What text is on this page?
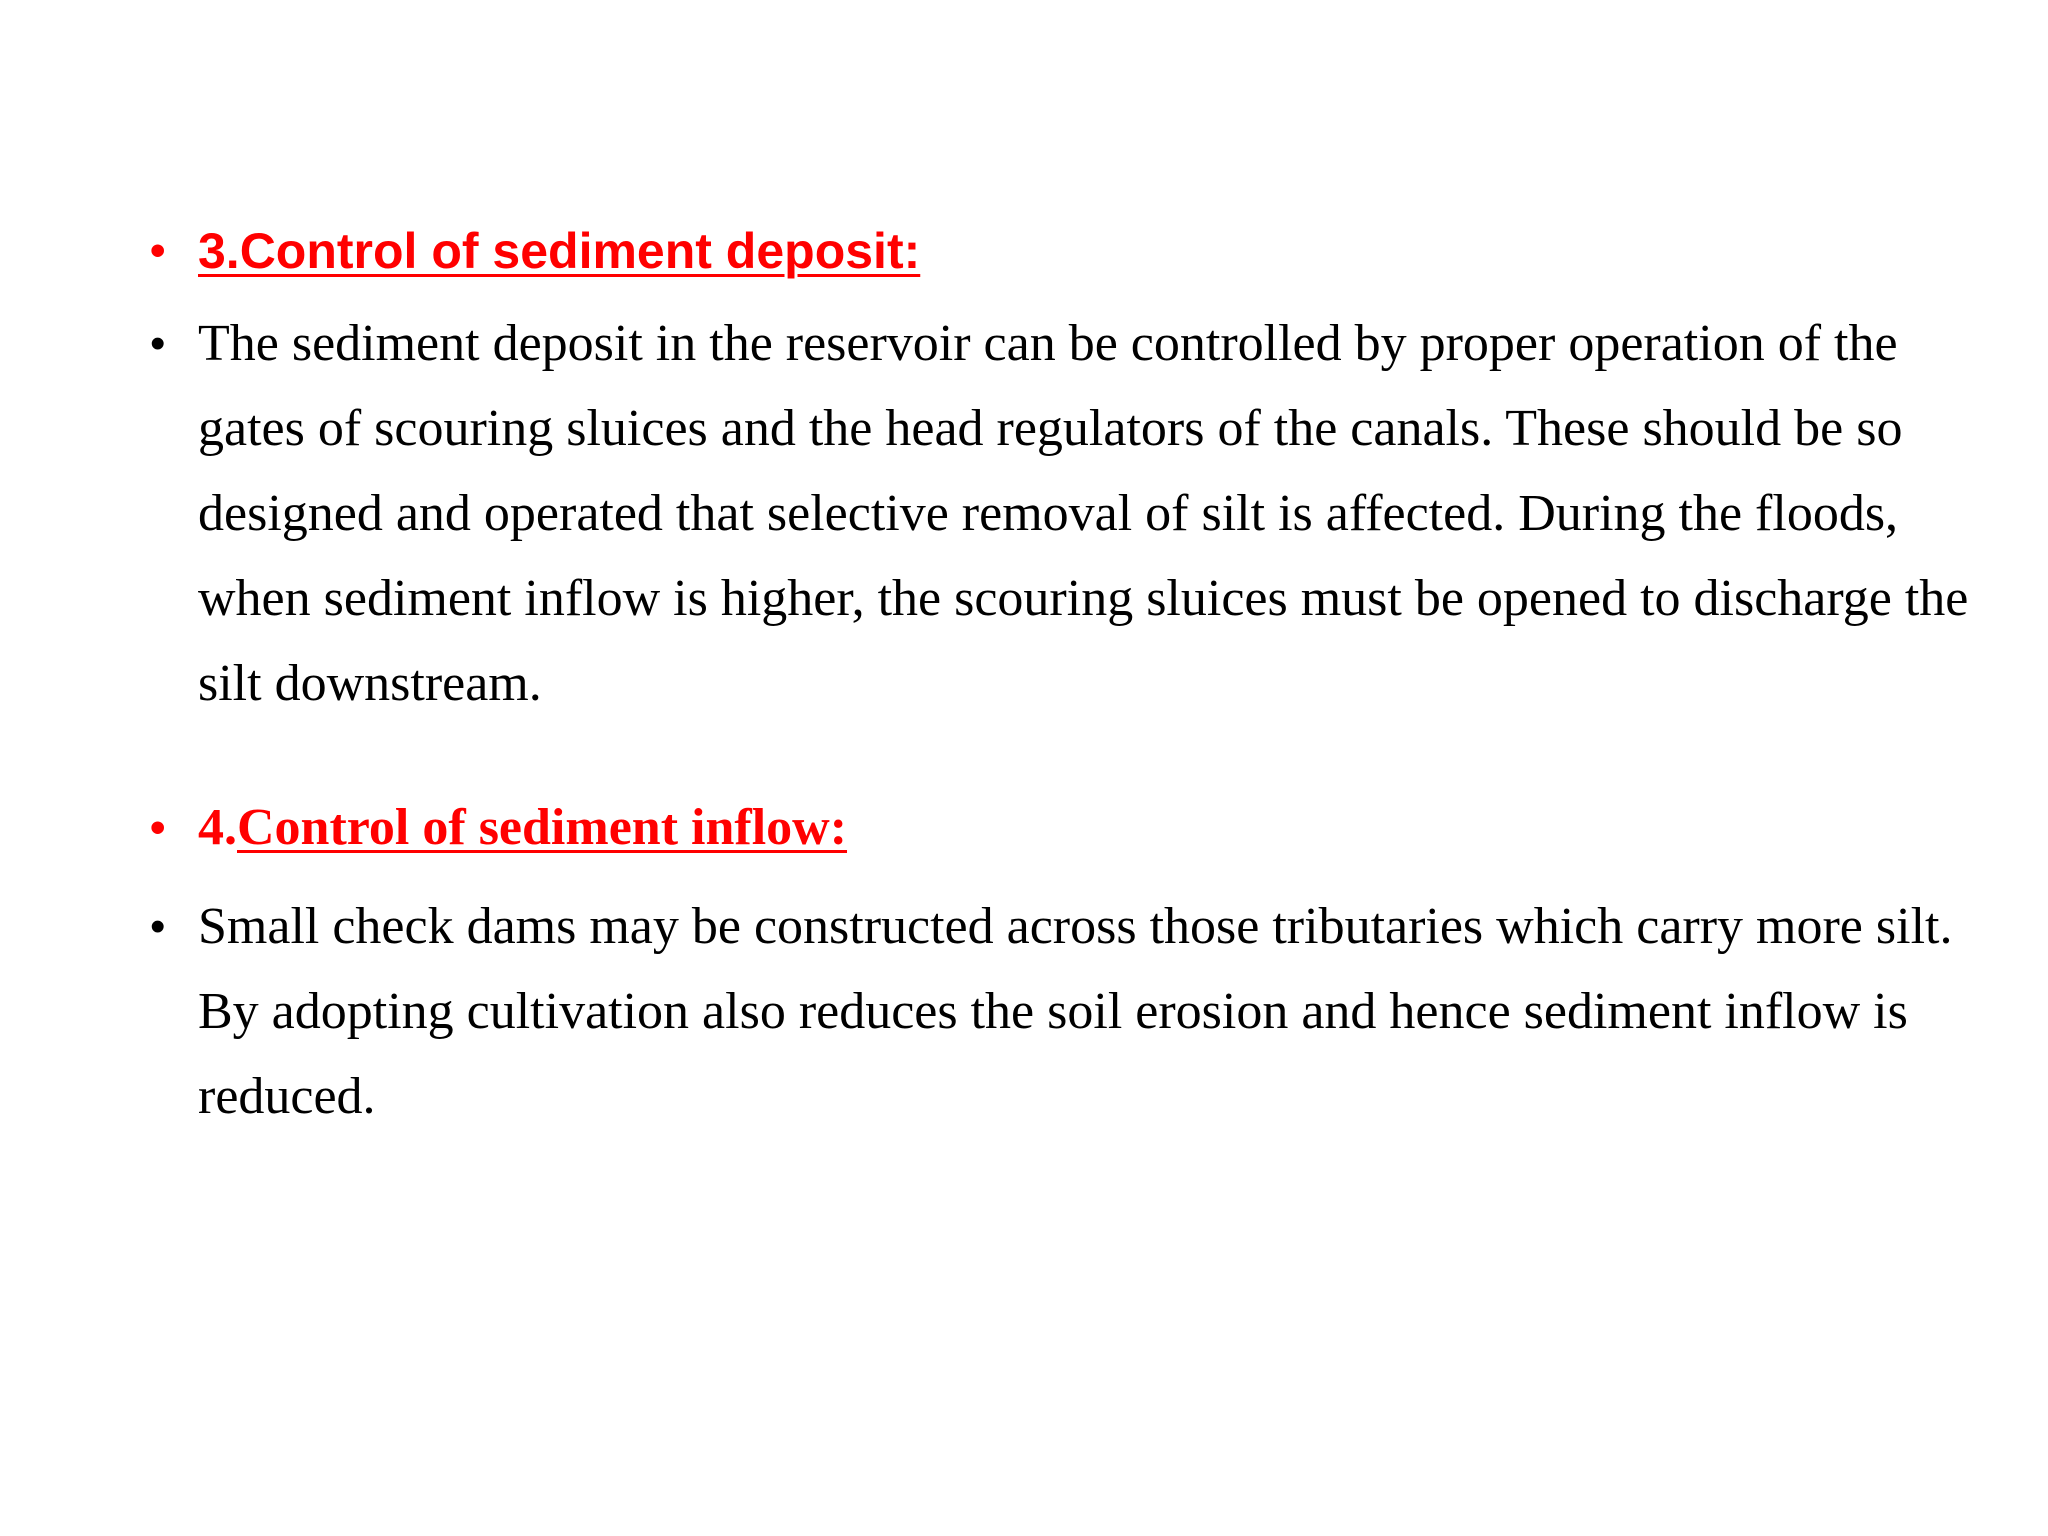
• 3.Control of sediment deposit:
• The sediment deposit in the reservoir can be controlled by proper operation of the gates of scouring sluices and the head regulators of the canals. These should be so designed and operated that selective removal of silt is affected. During the floods, when sediment inflow is higher, the scouring sluices must be opened to discharge the silt downstream.
• 4.Control of sediment inflow:
• Small check dams may be constructed across those tributaries which carry more silt. By adopting cultivation also reduces the soil erosion and hence sediment inflow is reduced.
